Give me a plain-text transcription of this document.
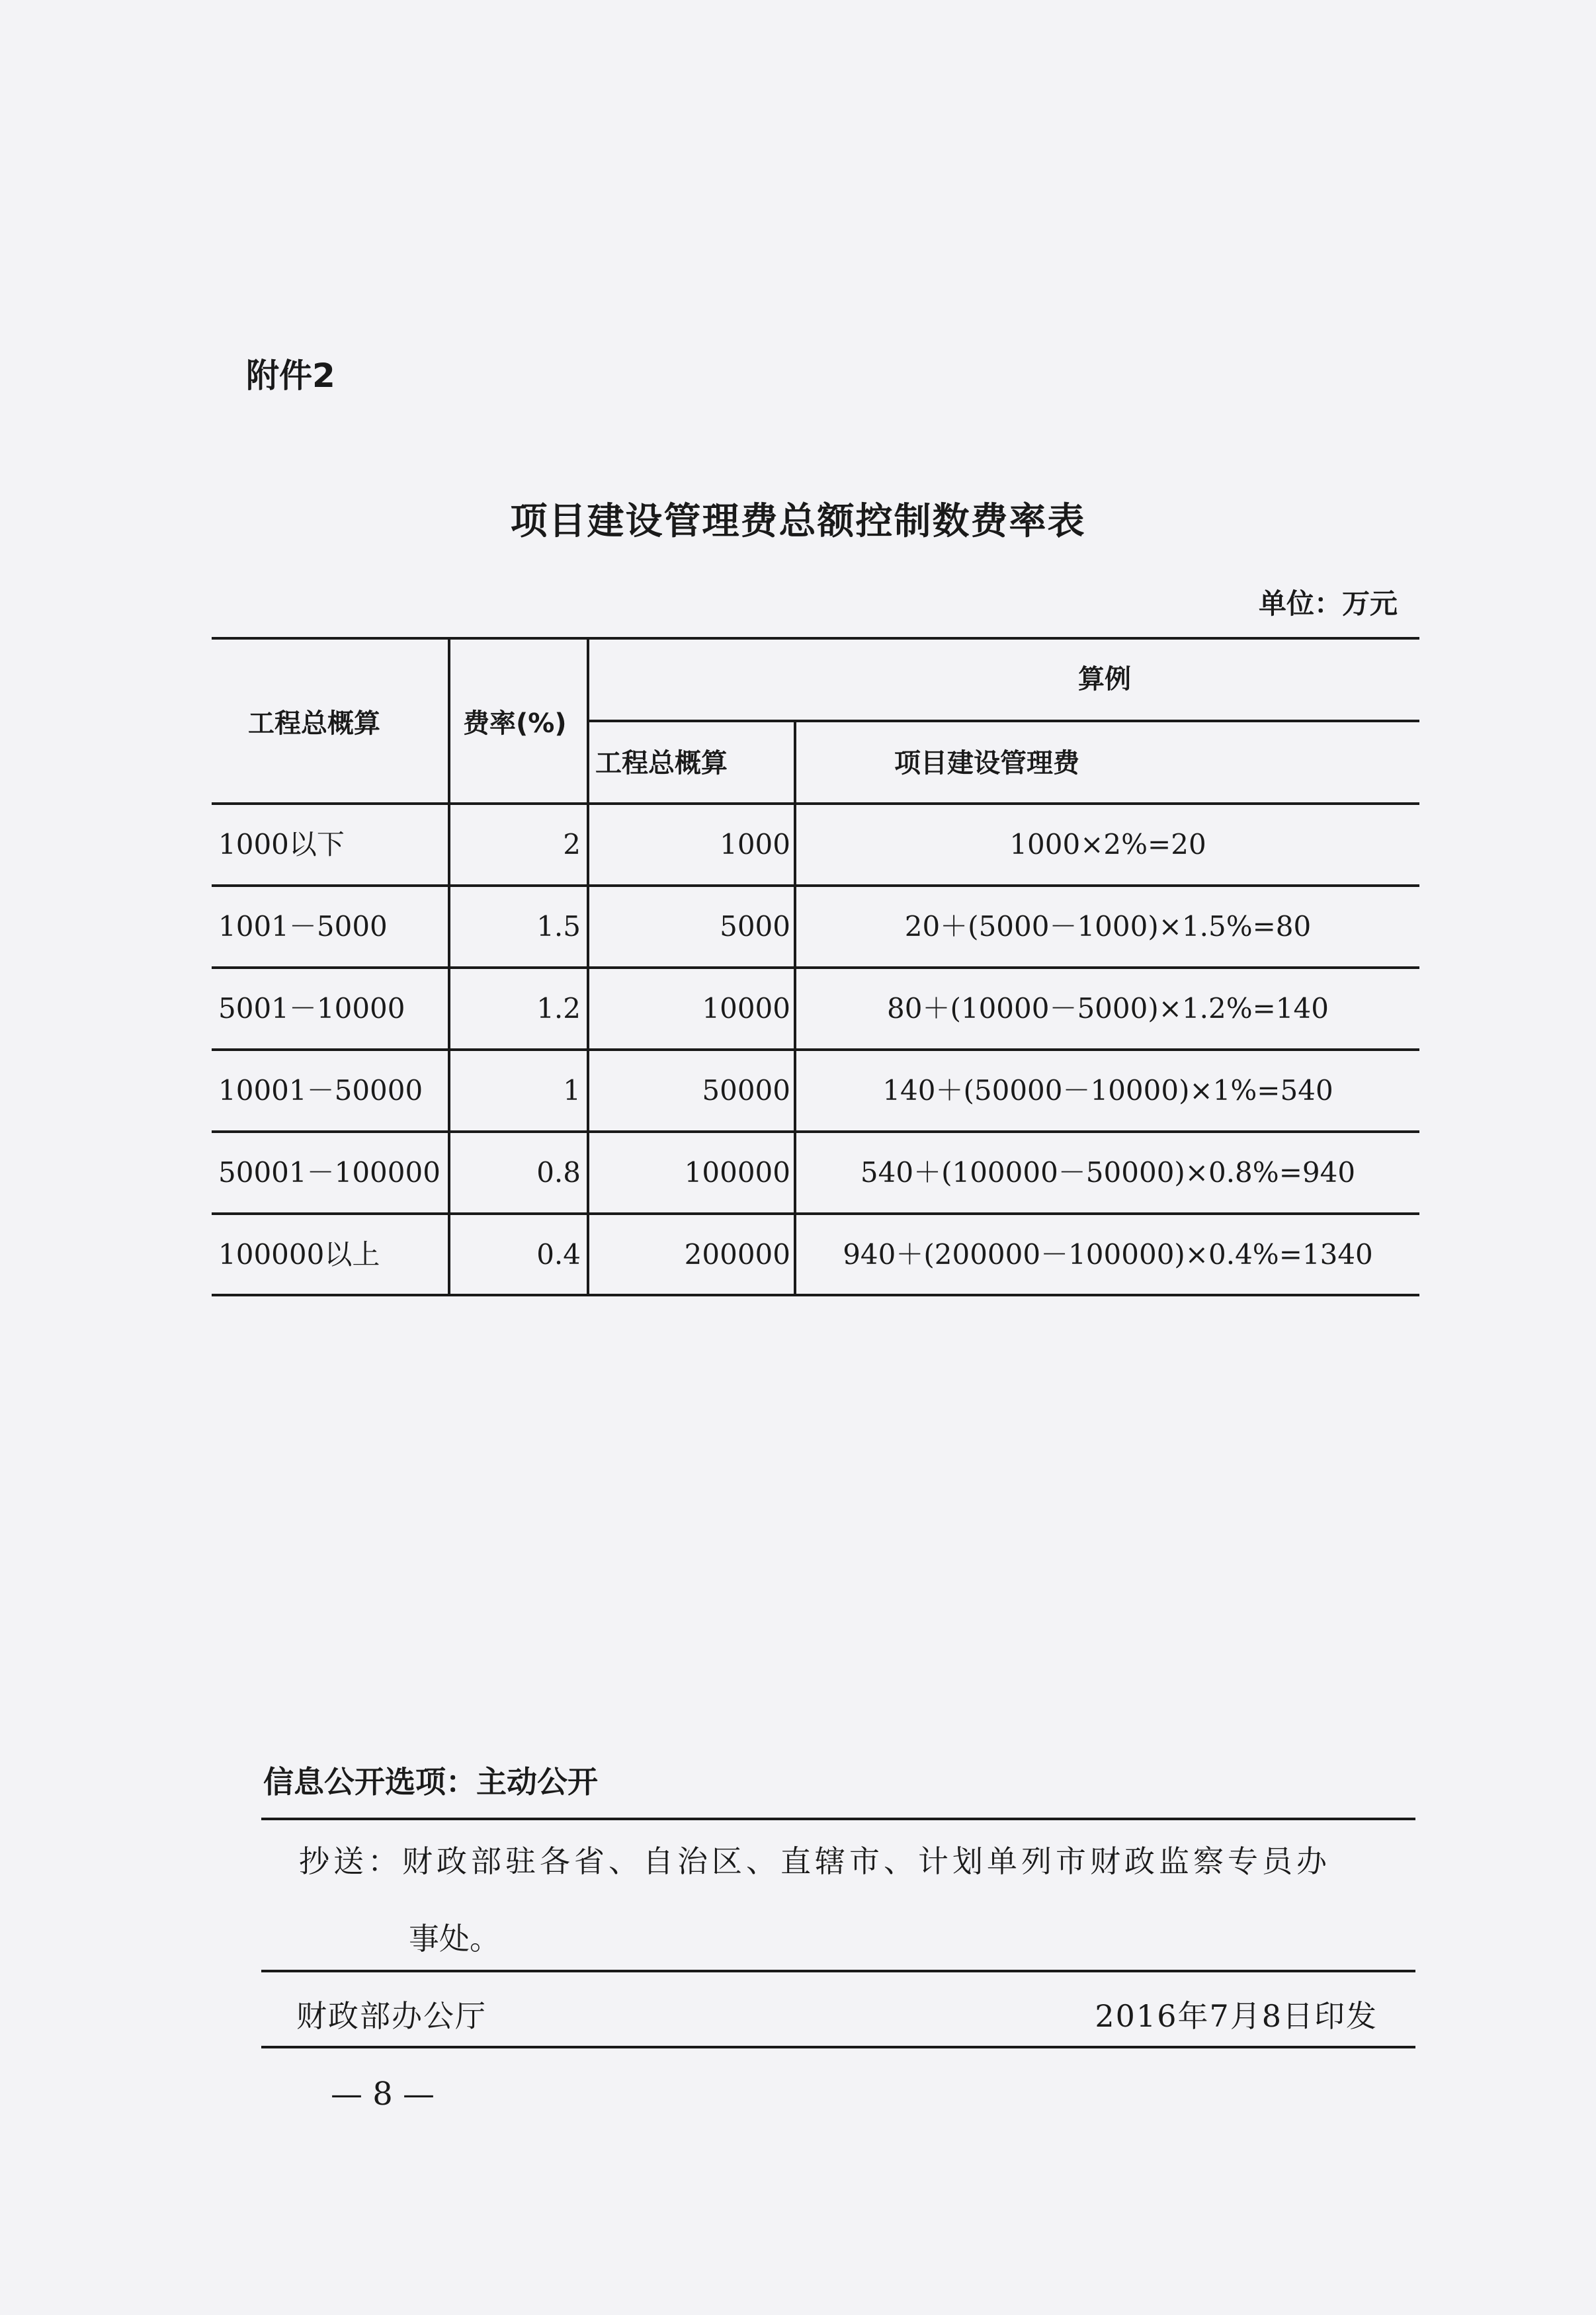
附件2
项目建设管理费总额控制数费率表
单位：万元
工程总概算	费率(%)
算例
工程总概算	项目建设管理费
1000以下	2	1000	1000×2%=20
1001－5000	1.5	5000	20＋(5000－1000)×1.5%=80
5001－10000	1.2	10000	80＋(10000－5000)×1.2%=140
10001－50000	1	50000	140＋(50000－10000)×1%=540
50001－100000	0.8	100000	540＋(100000－50000)×0.8%=940
100000以上	0.4	200000	940＋(200000－100000)×0.4%=1340
信息公开选项：主动公开
抄送：财政部驻各省、自治区、直辖市、计划单列市财政监察专员办
事处。
财政部办公厅	2016年7月8日印发
— 8 —
